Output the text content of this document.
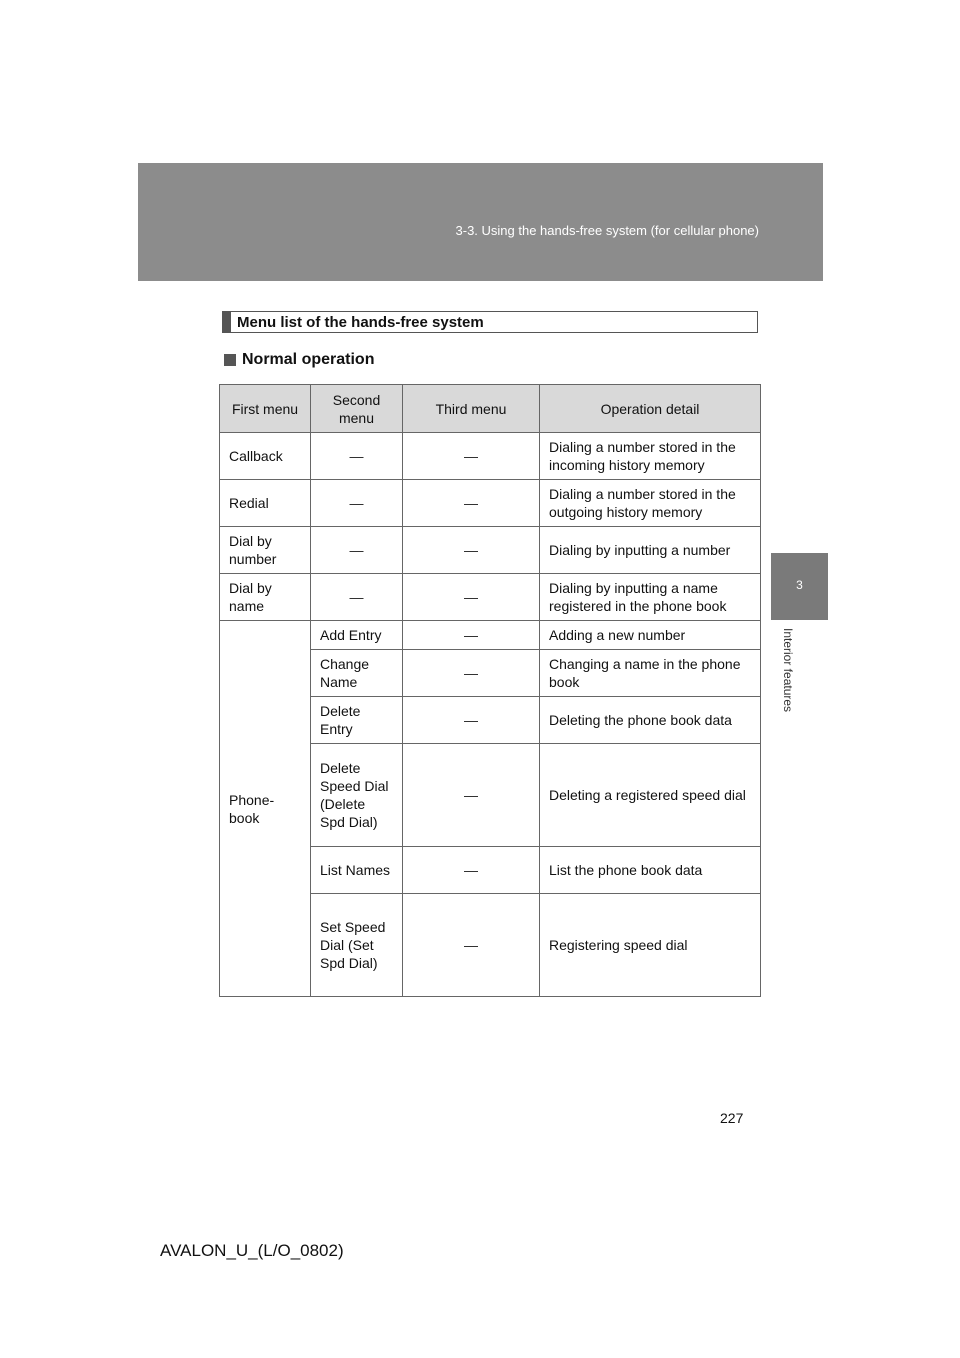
3-3. Using the hands-free system (for cellular phone)
3
Interior features
Menu list of the hands-free system
Normal operation
First menu	Second menu	Third menu	Operation detail
Callback	—	—	Dialing a number stored in the incoming history memory
Redial	—	—	Dialing a number stored in the outgoing history memory
Dial by number	—	—	Dialing by inputting a number
Dial by name	—	—	Dialing by inputting a name registered in the phone book
Phone-book	Add Entry	—	Adding a new number
	Change Name	—	Changing a name in the phone book
	Delete Entry	—	Deleting the phone book data
	Delete Speed Dial (Delete Spd Dial)	—	Deleting a registered speed dial
	List Names	—	List the phone book data
	Set Speed Dial (Set Spd Dial)	—	Registering speed dial
227
AVALON_U_(L/O_0802)
